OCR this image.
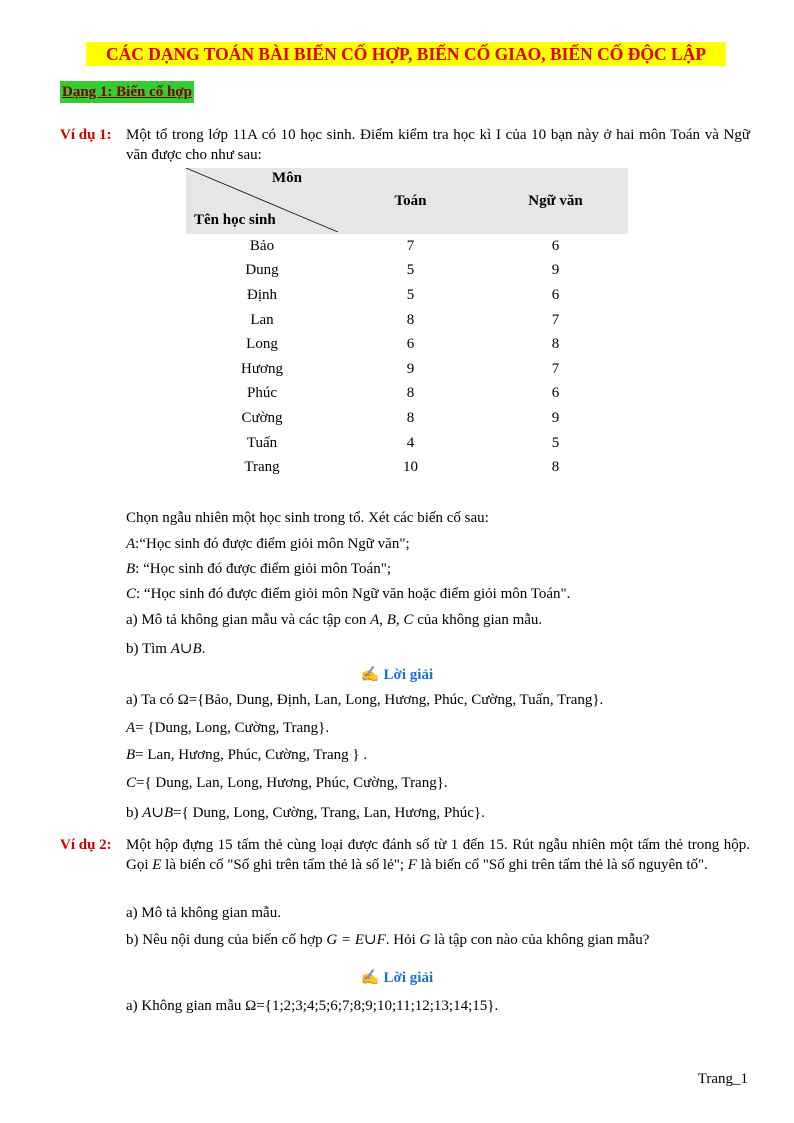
CÁC DẠNG TOÁN BÀI BIẾN CỐ HỢP, BIẾN CỐ GIAO, BIẾN CỐ ĐỘC LẬP
Dạng 1: Biến cố hợp
Ví dụ 1: Một tổ trong lớp 11A có 10 học sinh. Điểm kiểm tra học kì I của 10 bạn này ở hai môn Toán và Ngữ văn được cho như sau:
Môn
Tên học sinh	Toán	Ngữ văn
Bảo	7	6
Dung	5	9
Định	5	6
Lan	8	7
Long	6	8
Hương	9	7
Phúc	8	6
Cường	8	9
Tuấn	4	5
Trang	10	8
Chọn ngẫu nhiên một học sinh trong tổ. Xét các biến cố sau:
A:“Học sinh đó được điểm giỏi môn Ngữ văn";
B: “Học sinh đó được điểm giỏi môn Toán";
C: “Học sinh đó được điểm giỏi môn Ngữ văn hoặc điểm giỏi môn Toán".
a) Mô tả không gian mẫu và các tập con A, B, C của không gian mẫu.
b) Tìm A∪B.
✍ Lời giải
a) Ta có Ω={Bảo, Dung, Định, Lan, Long, Hương, Phúc, Cường, Tuấn, Trang}.
A= {Dung, Long, Cường, Trang}.
B= Lan, Hương, Phúc, Cường, Trang } .
C={ Dung, Lan, Long, Hương, Phúc, Cường, Trang}.
b) A∪B={ Dung, Long, Cường, Trang, Lan, Hương, Phúc}.
Ví dụ 2: Một hộp đựng 15 tấm thẻ cùng loại được đánh số từ 1 đến 15. Rút ngẫu nhiên một tấm thẻ trong hộp. Gọi E là biến cố "Số ghi trên tấm thẻ là số lẻ"; F là biến cố "Số ghi trên tấm thẻ là số nguyên tố".
a) Mô tả không gian mẫu.
b) Nêu nội dung của biến cố hợp G = E∪F. Hỏi G là tập con nào của không gian mẫu?
✍ Lời giải
a) Không gian mẫu Ω={1;2;3;4;5;6;7;8;9;10;11;12;13;14;15}.
Trang_1
